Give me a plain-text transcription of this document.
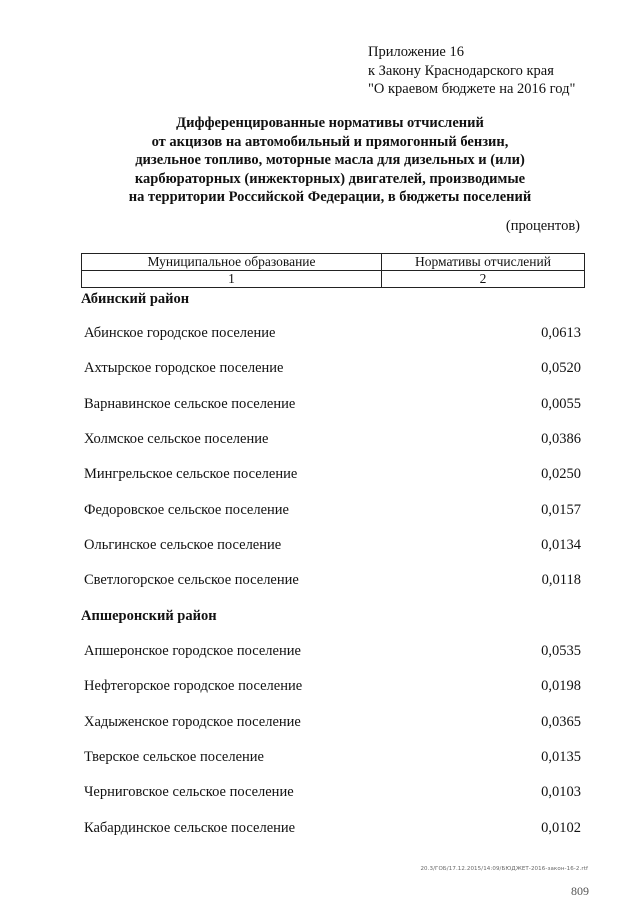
Приложение 16
к Закону Краснодарского края
"О краевом бюджете на 2016 год"
Дифференцированные нормативы отчислений
от акцизов на автомобильный и прямогонный бензин,
дизельное топливо, моторные масла для дизельных и (или)
карбюраторных (инжекторных) двигателей, производимые
на территории Российской Федерации, в бюджеты поселений
(процентов)
Муниципальное образование	Нормативы отчислений
1	2
Абинский район
Абинское городское поселение	0,0613
Ахтырское городское поселение	0,0520
Варнавинское сельское поселение	0,0055
Холмское сельское поселение	0,0386
Мингрельское сельское поселение	0,0250
Федоровское сельское поселение	0,0157
Ольгинское сельское поселение	0,0134
Светлогорское сельское поселение	0,0118
Апшеронский район
Апшеронское городское поселение	0,0535
Нефтегорское городское поселение	0,0198
Хадыженское городское поселение	0,0365
Тверское сельское поселение	0,0135
Черниговское сельское поселение	0,0103
Кабардинское сельское поселение	0,0102
20.3/ГОБ/17.12.2015/14:09/БЮДЖЕТ-2016-закон-16-2.rtf
809
